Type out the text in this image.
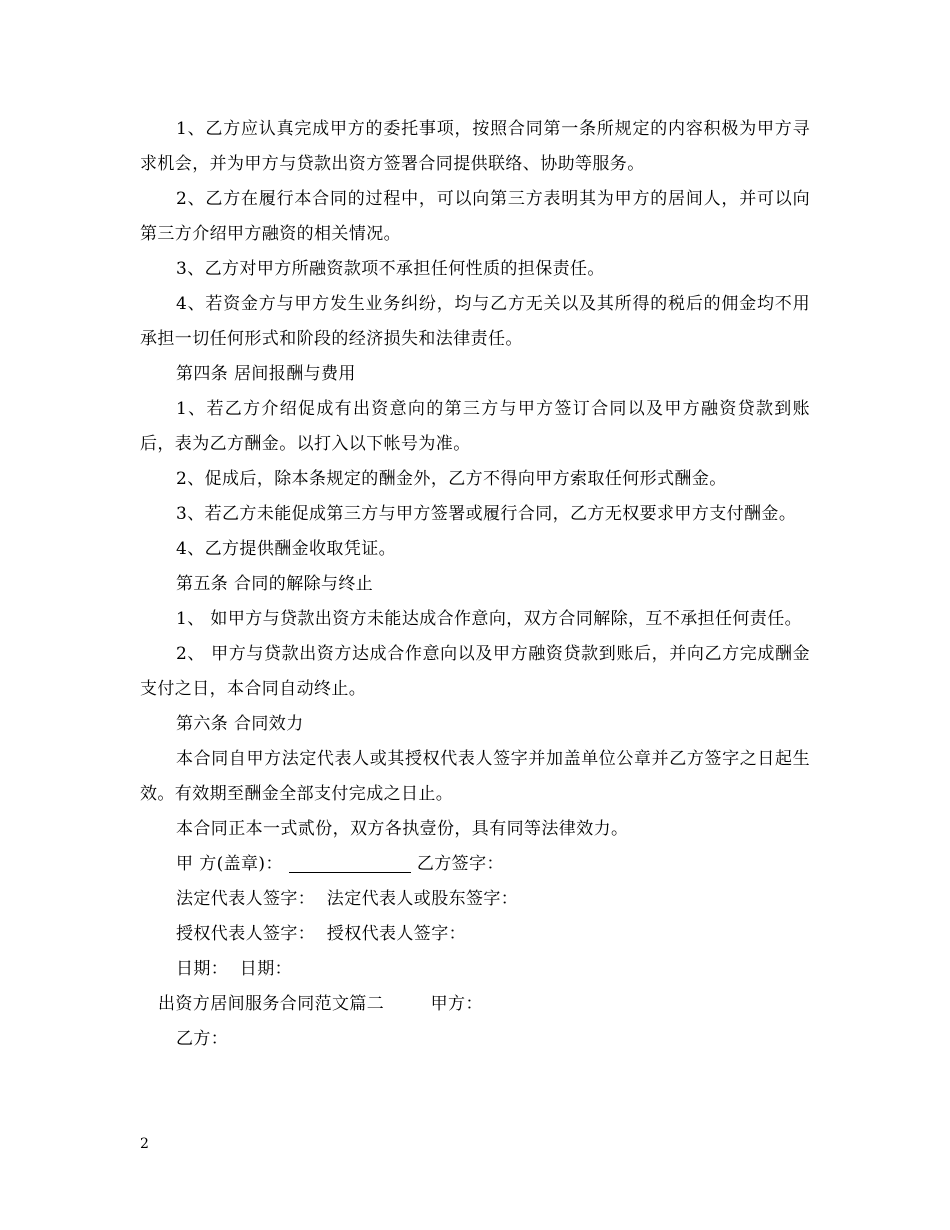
1、乙方应认真完成甲方的委托事项，按照合同第一条所规定的内容积极为甲方寻求机会，并为甲方与贷款出资方签署合同提供联络、协助等服务。

2、乙方在履行本合同的过程中，可以向第三方表明其为甲方的居间人，并可以向第三方介绍甲方融资的相关情况。

3、乙方对甲方所融资款项不承担任何性质的担保责任。

4、若资金方与甲方发生业务纠纷，均与乙方无关以及其所得的税后的佣金均不用承担一切任何形式和阶段的经济损失和法律责任。

第四条 居间报酬与费用

1、若乙方介绍促成有出资意向的第三方与甲方签订合同以及甲方融资贷款到账后，表为乙方酬金。以打入以下帐号为准。

2、促成后，除本条规定的酬金外，乙方不得向甲方索取任何形式酬金。

3、若乙方未能促成第三方与甲方签署或履行合同，乙方无权要求甲方支付酬金。

4、乙方提供酬金收取凭证。

第五条 合同的解除与终止

1、 如甲方与贷款出资方未能达成合作意向，双方合同解除，互不承担任何责任。

2、 甲方与贷款出资方达成合作意向以及甲方融资贷款到账后，并向乙方完成酬金支付之日，本合同自动终止。

第六条 合同效力

本合同自甲方法定代表人或其授权代表人签字并加盖单位公章并乙方签字之日起生效。有效期至酬金全部支付完成之日止。

本合同正本一式贰份，双方各执壹份，具有同等法律效力。

甲 方(盖章)：	乙方签字：

法定代表人签字：  法定代表人或股东签字：

授权代表人签字：  授权代表人签字：

日期：  日期：

出资方居间服务合同范文篇二	甲方：

乙方：

2
